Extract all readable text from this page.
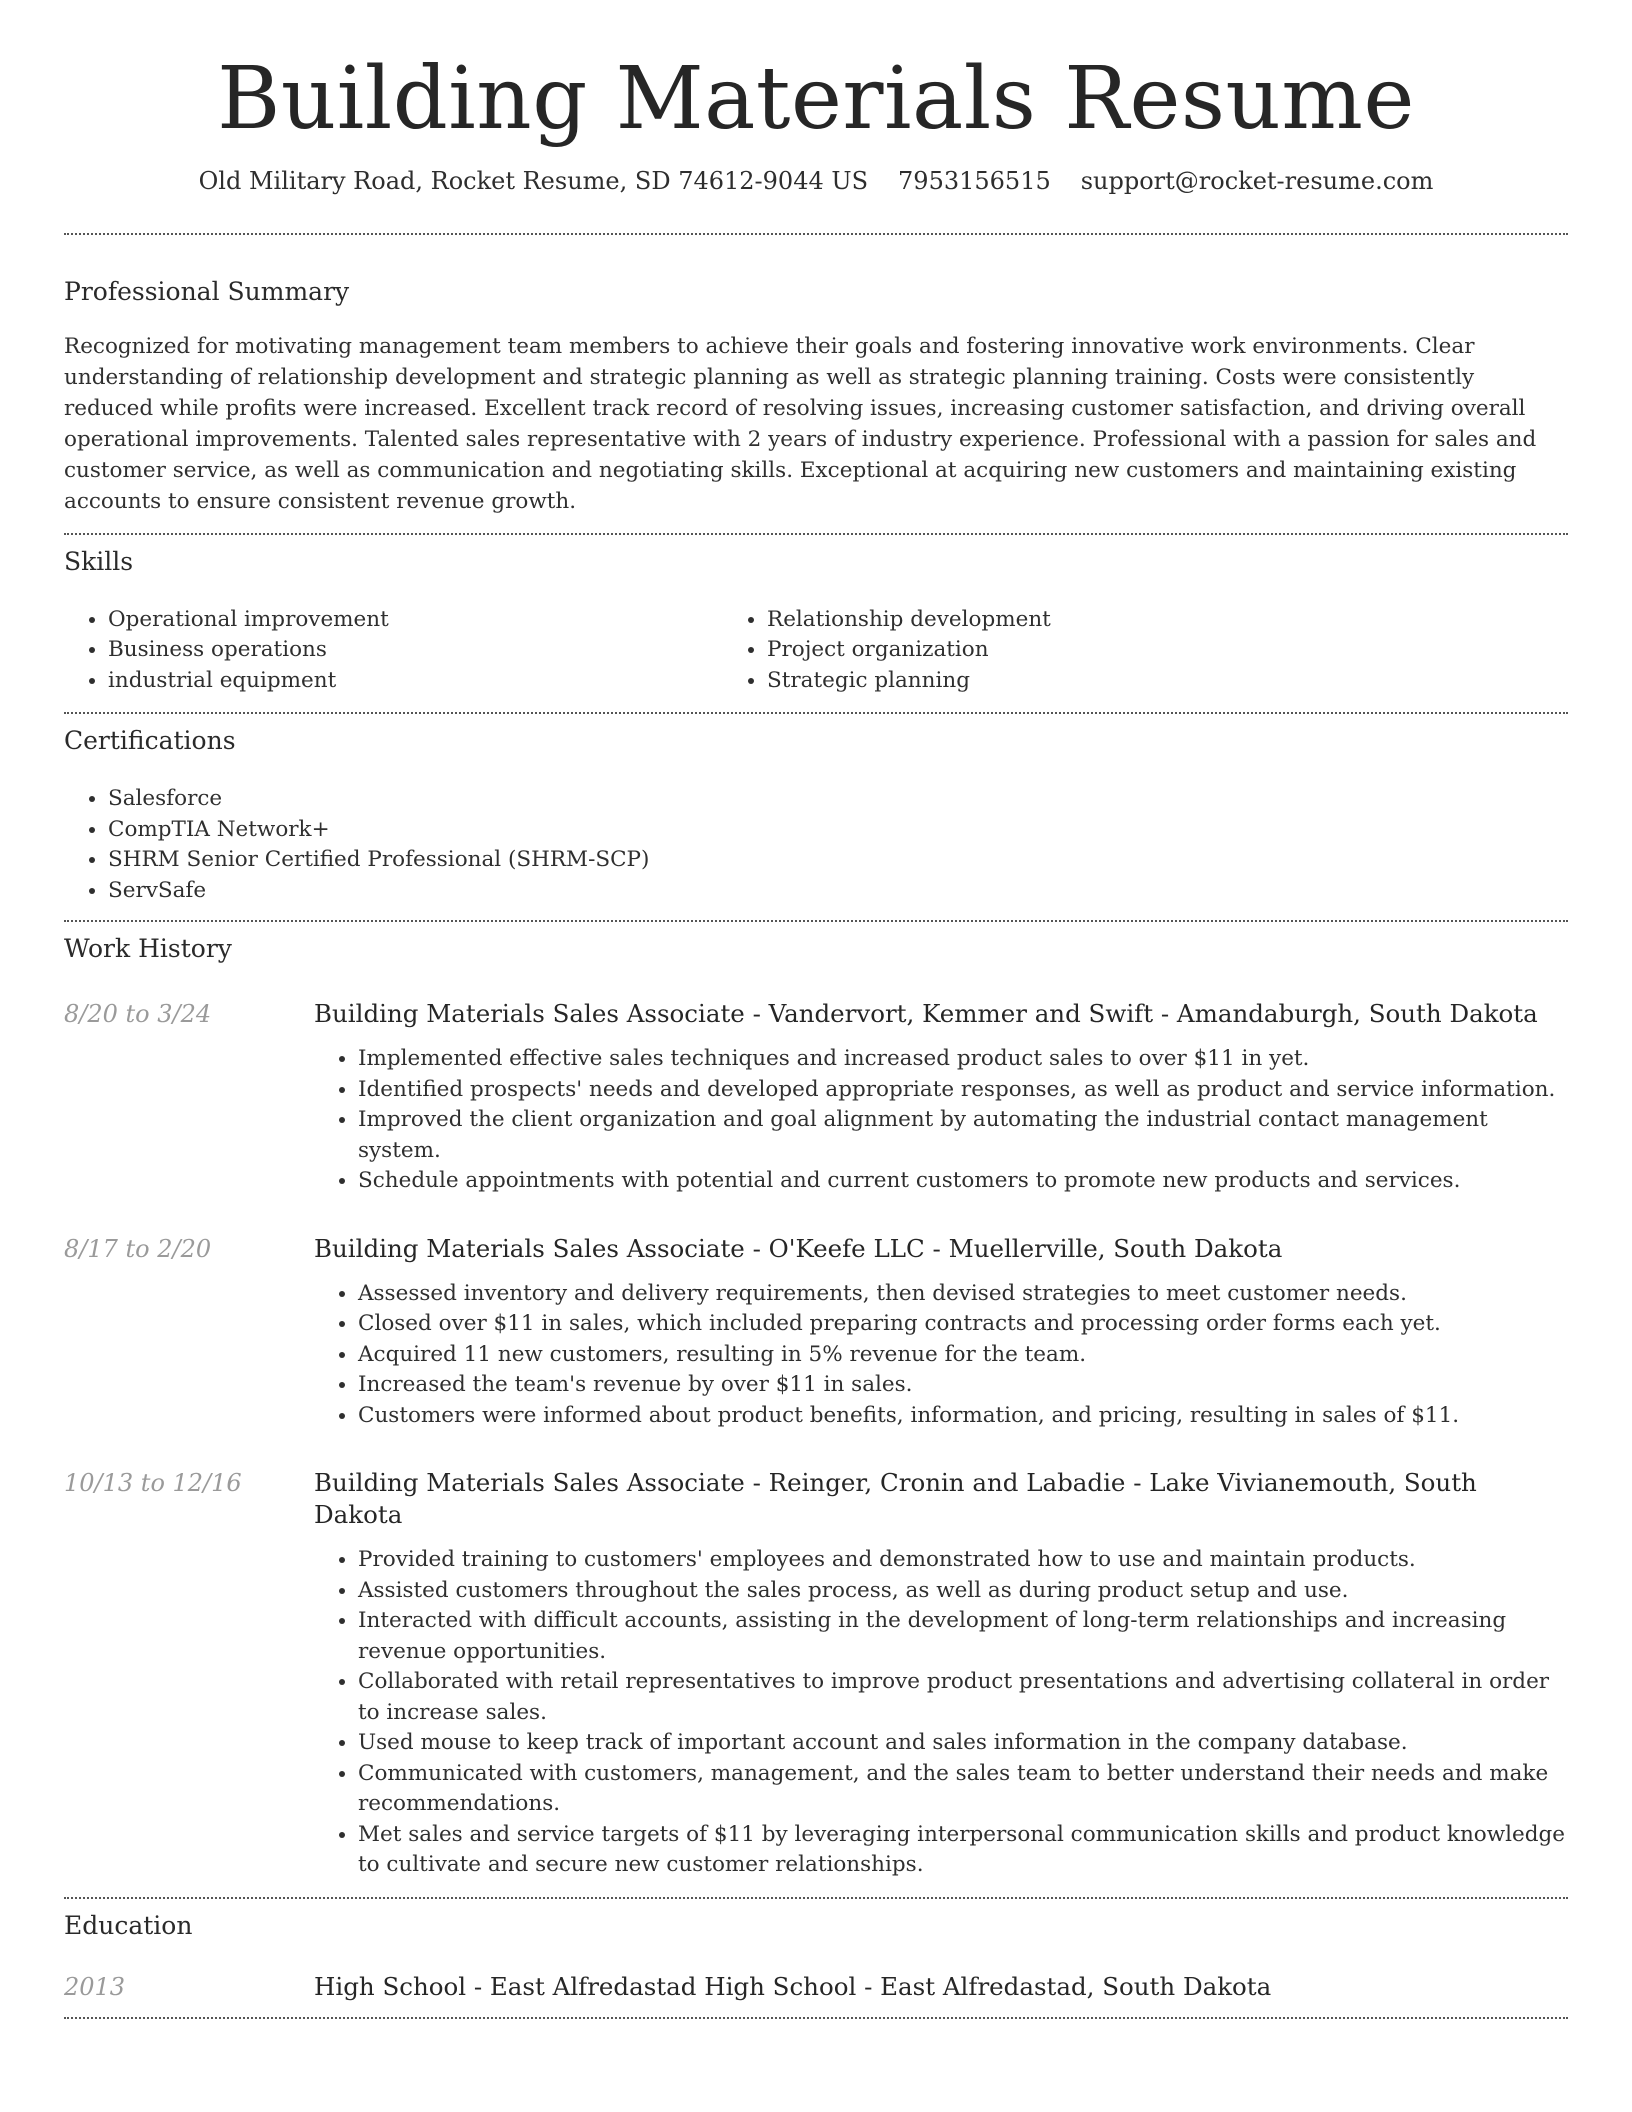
Building Materials Resume
Old Military Road, Rocket Resume, SD 74612-9044 US 7953156515 support@rocket-resume.com
Professional Summary

Recognized for motivating management team members to achieve their goals and fostering innovative work environments. Clear understanding of relationship development and strategic planning as well as strategic planning training. Costs were consistently reduced while profits were increased. Excellent track record of resolving issues, increasing customer satisfaction, and driving overall operational improvements. Talented sales representative with 2 years of industry experience. Professional with a passion for sales and customer service, as well as communication and negotiating skills. Exceptional at acquiring new customers and maintaining existing accounts to ensure consistent revenue growth.

Skills
• Operational improvement
• Business operations
• industrial equipment
• Relationship development
• Project organization
• Strategic planning
Certifications
• Salesforce
• CompTIA Network+
• SHRM Senior Certified Professional (SHRM-SCP)
• ServSafe
Work History
8/20 to 3/24	Building Materials Sales Associate - Vandervort, Kemmer and Swift - Amandaburgh, South Dakota
• Implemented effective sales techniques and increased product sales to over $11 in yet.
• Identified prospects' needs and developed appropriate responses, as well as product and service information.
• Improved the client organization and goal alignment by automating the industrial contact management system.
• Schedule appointments with potential and current customers to promote new products and services.
8/17 to 2/20	Building Materials Sales Associate - O'Keefe LLC - Muellerville, South Dakota
• Assessed inventory and delivery requirements, then devised strategies to meet customer needs.
• Closed over $11 in sales, which included preparing contracts and processing order forms each yet.
• Acquired 11 new customers, resulting in 5% revenue for the team.
• Increased the team's revenue by over $11 in sales.
• Customers were informed about product benefits, information, and pricing, resulting in sales of $11.
10/13 to 12/16	Building Materials Sales Associate - Reinger, Cronin and Labadie - Lake Vivianemouth, South Dakota
• Provided training to customers' employees and demonstrated how to use and maintain products.
• Assisted customers throughout the sales process, as well as during product setup and use.
• Interacted with difficult accounts, assisting in the development of long-term relationships and increasing revenue opportunities.
• Collaborated with retail representatives to improve product presentations and advertising collateral in order to increase sales.
• Used mouse to keep track of important account and sales information in the company database.
• Communicated with customers, management, and the sales team to better understand their needs and make recommendations.
• Met sales and service targets of $11 by leveraging interpersonal communication skills and product knowledge to cultivate and secure new customer relationships.
Education
2013	High School - East Alfredastad High School - East Alfredastad, South Dakota
